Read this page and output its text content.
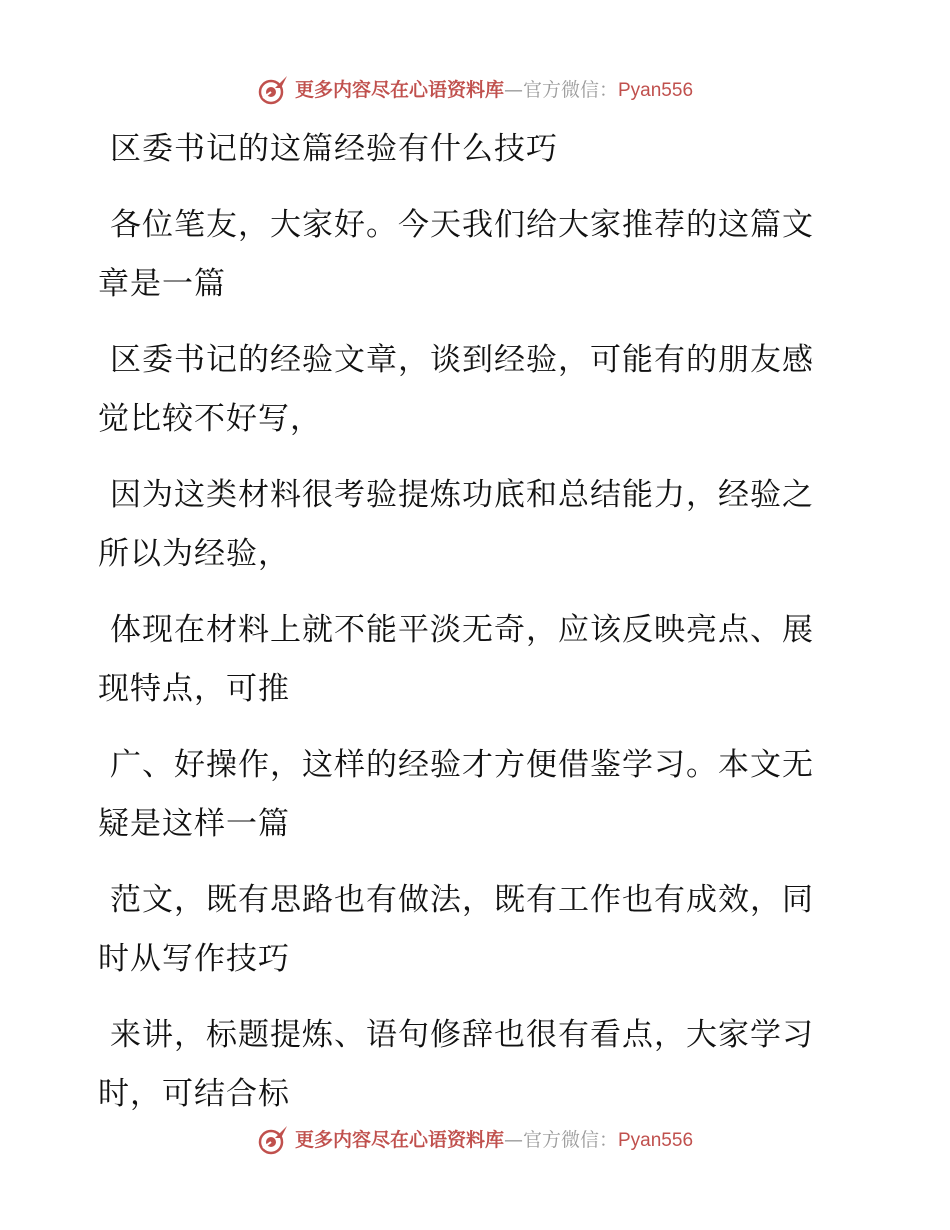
更多内容尽在心语资料库—官方微信：Pyan556

区委书记的这篇经验有什么技巧

各位笔友，大家好。今天我们给大家推荐的这篇文章是一篇

区委书记的经验文章，谈到经验，可能有的朋友感觉比较不好写，

因为这类材料很考验提炼功底和总结能力，经验之所以为经验，

体现在材料上就不能平淡无奇，应该反映亮点、展现特点，可推

广、好操作，这样的经验才方便借鉴学习。本文无疑是这样一篇

范文，既有思路也有做法，既有工作也有成效，同时从写作技巧

来讲，标题提炼、语句修辞也很有看点，大家学习时，可结合标

更多内容尽在心语资料库—官方微信：Pyan556
